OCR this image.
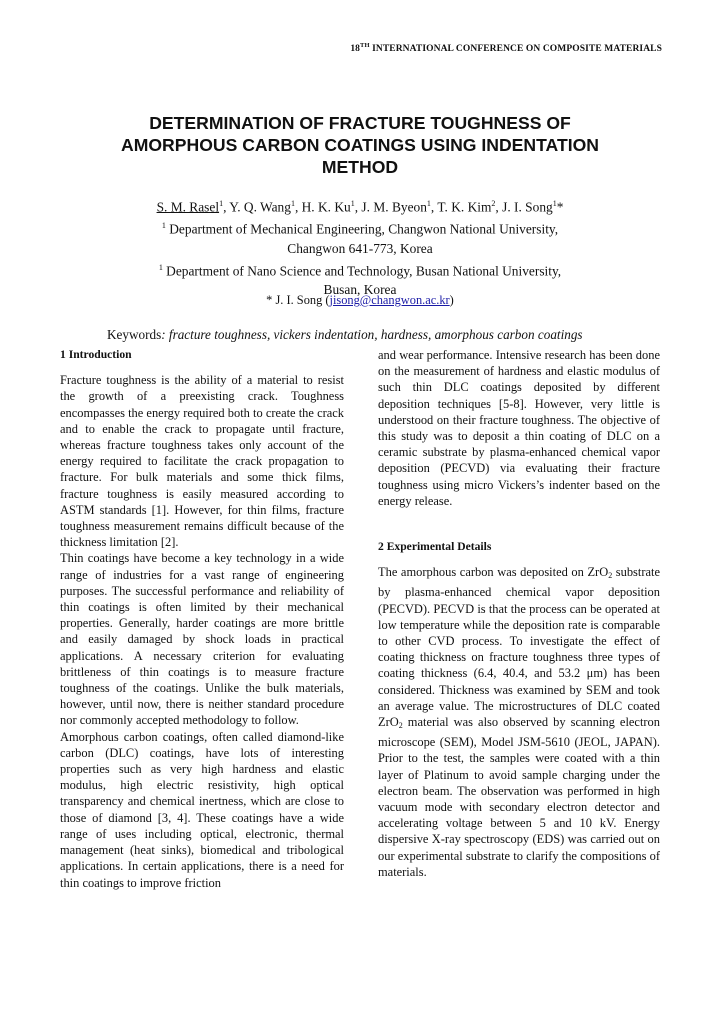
18TH INTERNATIONAL CONFERENCE ON COMPOSITE MATERIALS
DETERMINATION OF FRACTURE TOUGHNESS OF
AMORPHOUS CARBON COATINGS USING INDENTATION
METHOD
S. M. Rasel$^1$, Y. Q. Wang$^1$, H. K. Ku$^1$, J. M. Byeon$^1$, T. K. Kim$^2$, J. I. Song$^1$*
$^1$ Department of Mechanical Engineering, Changwon National University,
Changwon 641-773, Korea
$^1$ Department of Nano Science and Technology, Busan National University,
Busan, Korea
* J. I. Song (jisong@changwon.ac.kr)
Keywords: fracture toughness, vickers indentation, hardness, amorphous carbon coatings
1 Introduction

Fracture toughness is the ability of a material to resist the growth of a preexisting crack. Toughness encompasses the energy required both to create the crack and to enable the crack to propagate until fracture, whereas fracture toughness takes only account of the energy required to facilitate the crack propagation to fracture. For bulk materials and some thick films, fracture toughness is easily measured according to ASTM standards [1]. However, for thin films, fracture toughness measurement remains difficult because of the thickness limitation [2].

Thin coatings have become a key technology in a wide range of industries for a vast range of engineering purposes. The successful performance and reliability of thin coatings is often limited by their mechanical properties. Generally, harder coatings are more brittle and easily damaged by shock loads in practical applications. A necessary criterion for evaluating brittleness of thin coatings is to measure fracture toughness of the coatings. Unlike the bulk materials, however, until now, there is neither standard procedure nor commonly accepted methodology to follow.

Amorphous carbon coatings, often called diamond-like carbon (DLC) coatings, have lots of interesting properties such as very high hardness and elastic modulus, high electric resistivity, high optical transparency and chemical inertness, which are close to those of diamond [3, 4]. These coatings have a wide range of uses including optical, electronic, thermal management (heat sinks), biomedical and tribological applications. In certain applications, there is a need for thin coatings to improve friction

and wear performance. Intensive research has been done on the measurement of hardness and elastic modulus of such thin DLC coatings deposited by different deposition techniques [5-8]. However, very little is understood on their fracture toughness. The objective of this study was to deposit a thin coating of DLC on a ceramic substrate by plasma-enhanced chemical vapor deposition (PECVD) via evaluating their fracture toughness using micro Vickers’s indenter based on the energy release.

2 Experimental Details

The amorphous carbon was deposited on ZrO$_2$ substrate by plasma-enhanced chemical vapor deposition (PECVD). PECVD is that the process can be operated at low temperature while the deposition rate is comparable to other CVD process. To investigate the effect of coating thickness on fracture toughness three types of coating thickness (6.4, 40.4, and 53.2 μm) has been considered. Thickness was examined by SEM and took an average value. The microstructures of DLC coated ZrO$_2$ material was also observed by scanning electron microscope (SEM), Model JSM-5610 (JEOL, JAPAN). Prior to the test, the samples were coated with a thin layer of Platinum to avoid sample charging under the electron beam. The observation was performed in high vacuum mode with secondary electron detector and accelerating voltage between 5 and 10 kV. Energy dispersive X-ray spectroscopy (EDS) was carried out on our experimental substrate to clarify the compositions of materials.
